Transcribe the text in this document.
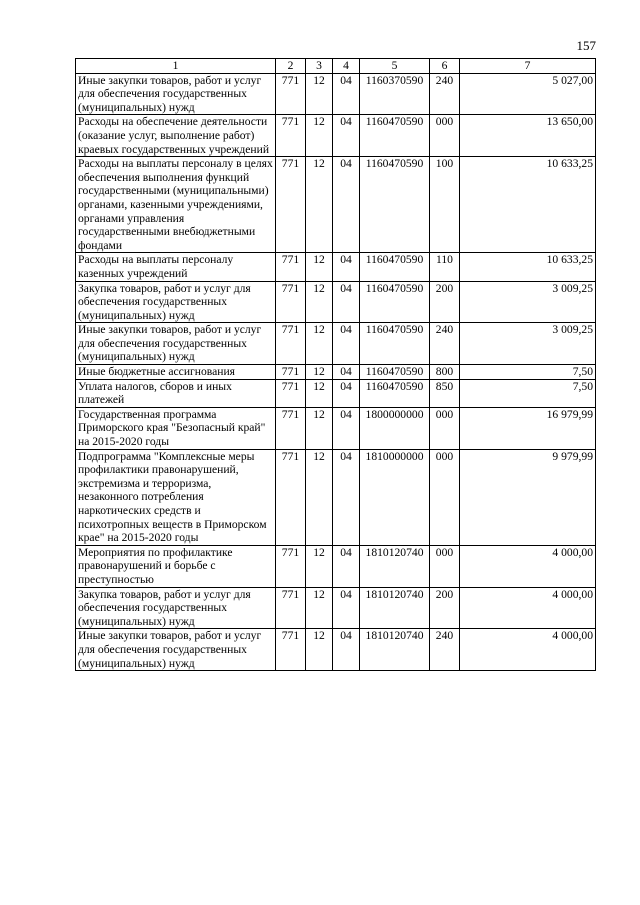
157
1	2	3	4	5	6	7
Иные закупки товаров, работ и услуг для обеспечения государственных (муниципальных) нужд	771	12	04	1160370590	240	5 027,00
Расходы на обеспечение деятельности (оказание услуг, выполнение работ) краевых государственных учреждений	771	12	04	1160470590	000	13 650,00
Расходы на выплаты персоналу в целях обеспечения выполнения функций государственными (муниципальными) органами, казенными учреждениями, органами управления государственными внебюджетными фондами	771	12	04	1160470590	100	10 633,25
Расходы на выплаты персоналу казенных учреждений	771	12	04	1160470590	110	10 633,25
Закупка товаров, работ и услуг для обеспечения государственных (муниципальных) нужд	771	12	04	1160470590	200	3 009,25
Иные закупки товаров, работ и услуг для обеспечения государственных (муниципальных) нужд	771	12	04	1160470590	240	3 009,25
Иные бюджетные ассигнования	771	12	04	1160470590	800	7,50
Уплата налогов, сборов и иных платежей	771	12	04	1160470590	850	7,50
Государственная программа Приморского края "Безопасный край" на 2015-2020 годы	771	12	04	1800000000	000	16 979,99
Подпрограмма "Комплексные меры профилактики правонарушений, экстремизма и терроризма, незаконного потребления наркотических средств и психотропных веществ в Приморском крае" на 2015-2020 годы	771	12	04	1810000000	000	9 979,99
Мероприятия по профилактике правонарушений и борьбе с преступностью	771	12	04	1810120740	000	4 000,00
Закупка товаров, работ и услуг для обеспечения государственных (муниципальных) нужд	771	12	04	1810120740	200	4 000,00
Иные закупки товаров, работ и услуг для обеспечения государственных (муниципальных) нужд	771	12	04	1810120740	240	4 000,00
